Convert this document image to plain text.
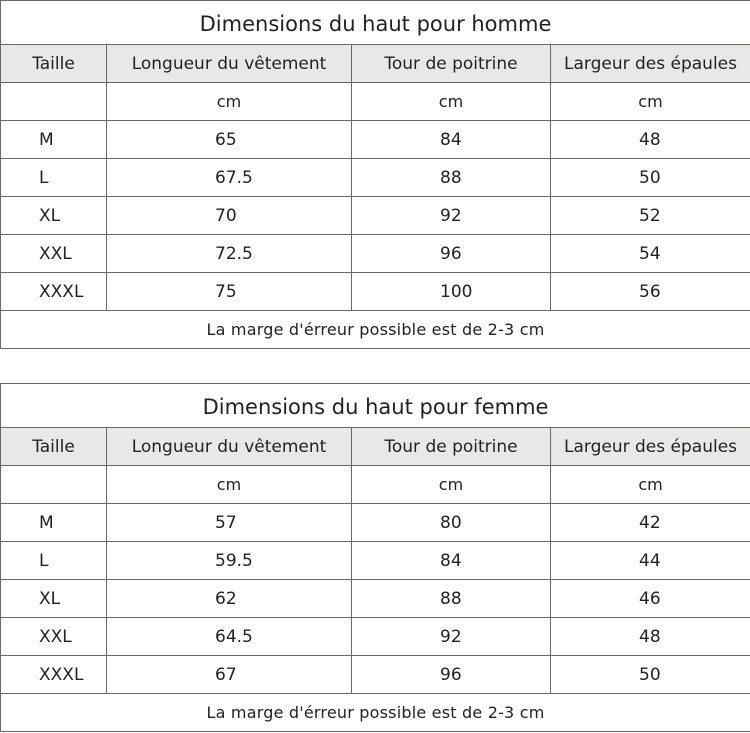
Dimensions du haut pour homme			
Taille	Longueur du vêtement	Tour de poitrine	Largeur des épaules
	cm	cm	cm
M	65	84	48
L	67.5	88	50
XL	70	92	52
XXL	72.5	96	54
XXXL	75	100	56
La marge d'érreur possible est de 2-3 cm			
Dimensions du haut pour femme			
Taille	Longueur du vêtement	Tour de poitrine	Largeur des épaules
	cm	cm	cm
M	57	80	42
L	59.5	84	44
XL	62	88	46
XXL	64.5	92	48
XXXL	67	96	50
La marge d'érreur possible est de 2-3 cm			
